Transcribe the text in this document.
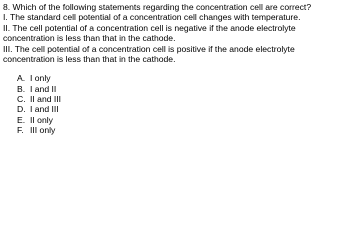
8. Which of the following statements regarding the concentration cell are correct?

I. The standard cell potential of a concentration cell changes with temperature.

II. The cell potential of a concentration cell is negative if the anode electrolyte concentration is less than that in the cathode.

III. The cell potential of a concentration cell is positive if the anode electrolyte concentration is less than that in the cathode.

A. I only
B. I and II
C. II and III
D. I and III
E. II only
F. III only
